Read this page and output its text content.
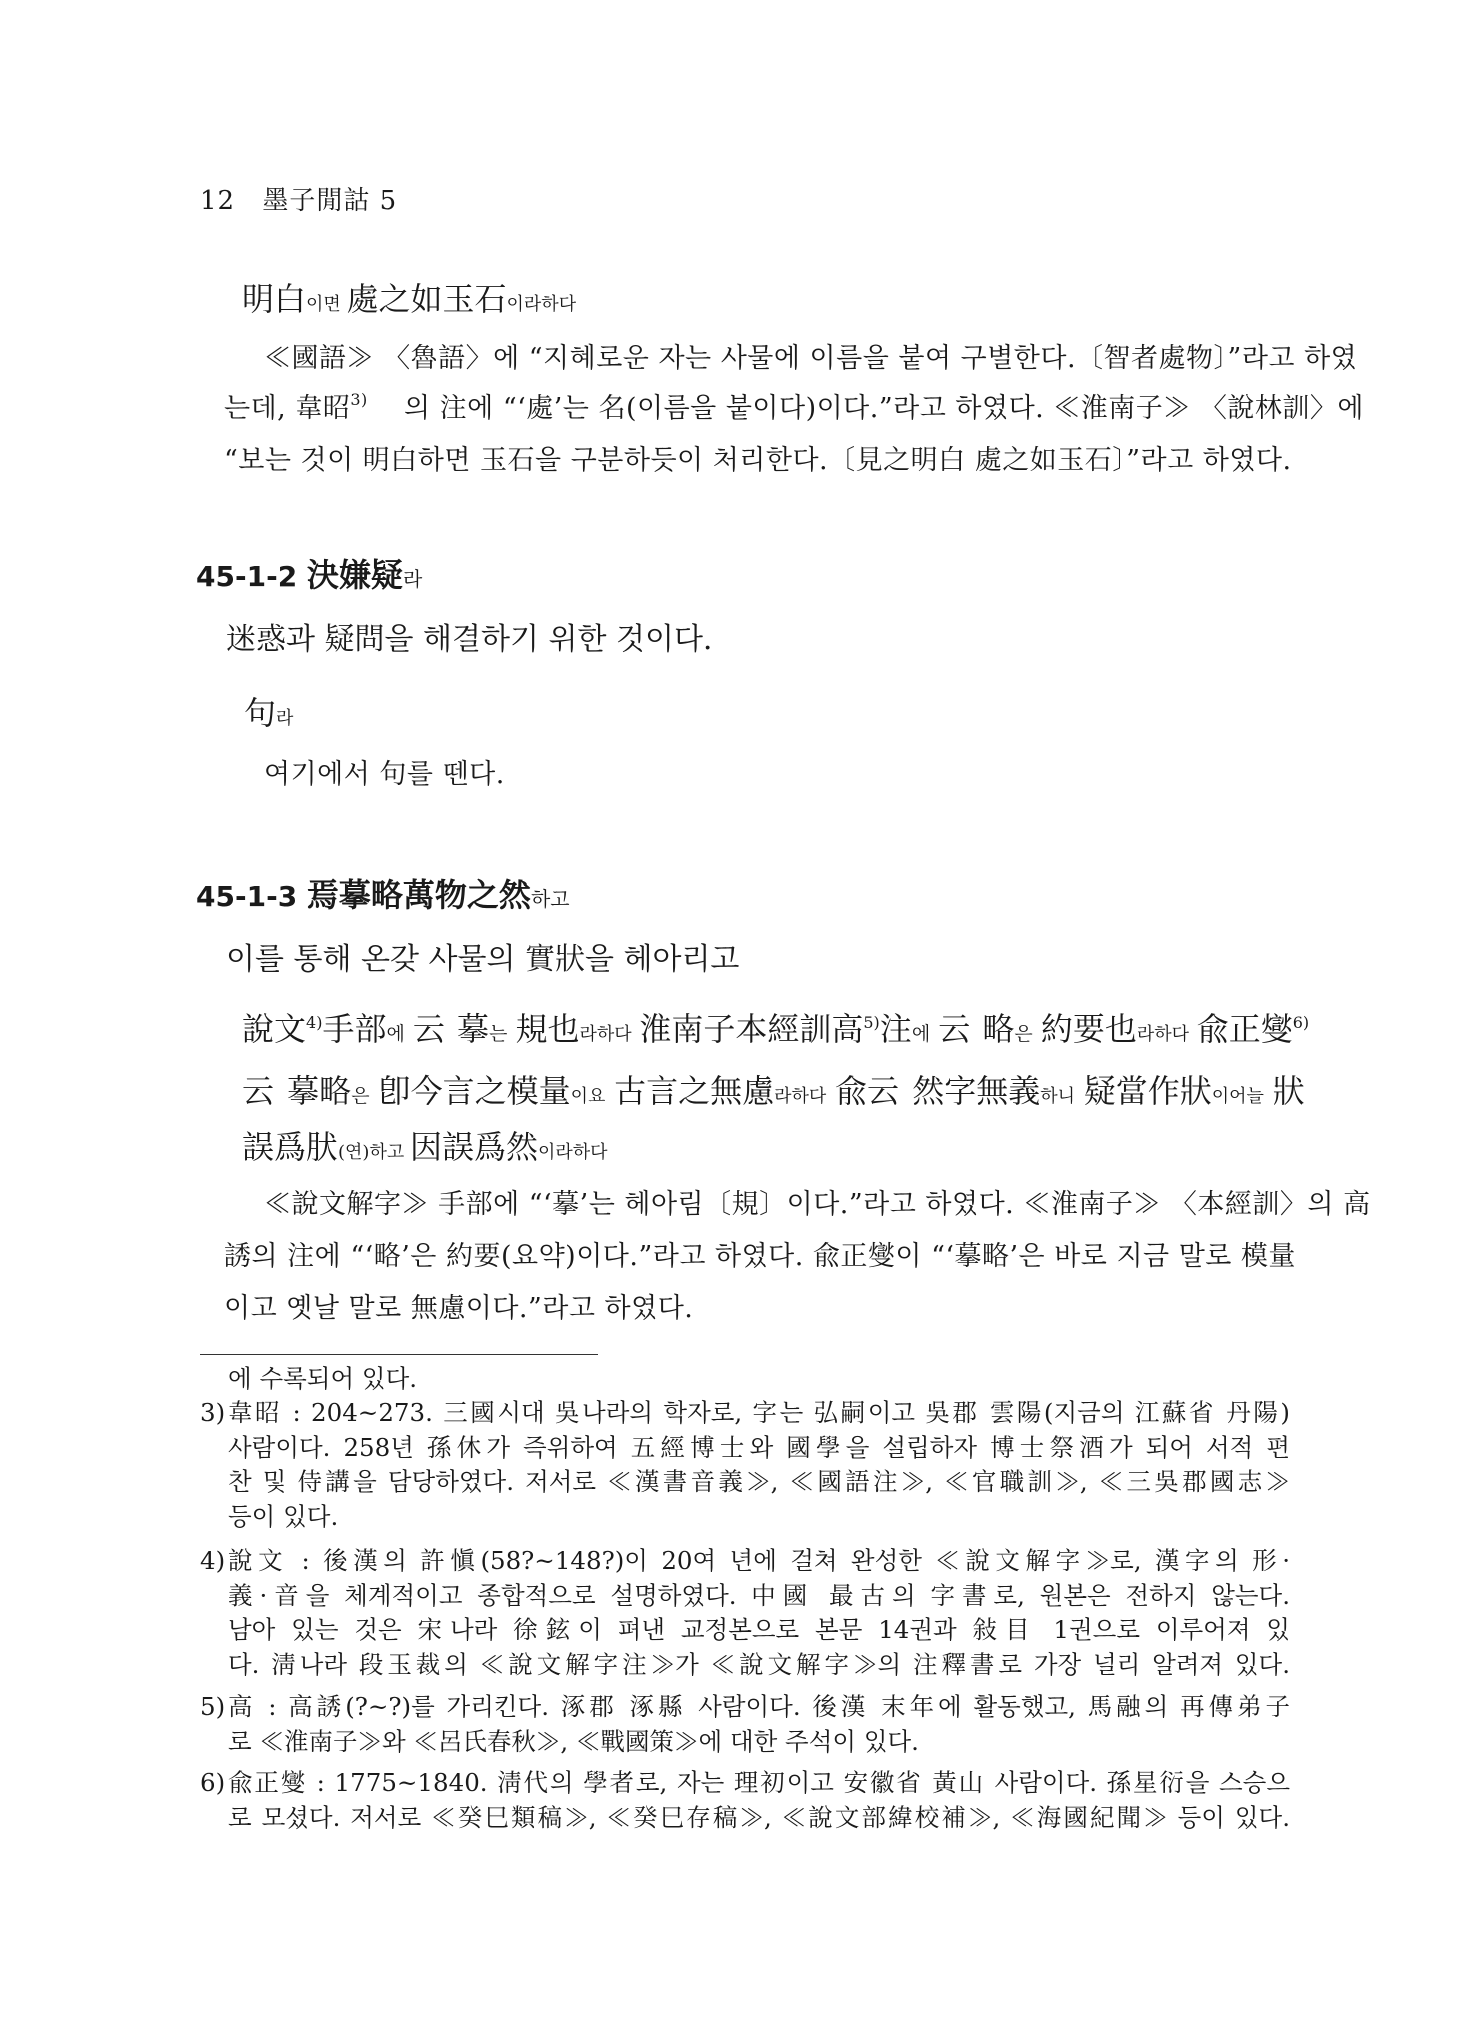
12 墨子閒詁 5
明白이면 處之如玉石이라하다
≪國語≫ 〈魯語〉에 “지혜로운 자는 사물에 이름을 붙여 구별한다.〔智者處物〕”라고 하였
는데, 韋昭$^{3)}$ 의 注에 “‘處’는 名(이름을 붙이다)이다.”라고 하였다. ≪淮南子≫ 〈說林訓〉에
“보는 것이 明白하면 玉石을 구분하듯이 처리한다.〔見之明白 處之如玉石〕”라고 하였다.
45-1-2 決嫌疑라
迷惑과 疑問을 해결하기 위한 것이다.
句라
여기에서 句를 뗀다.
45-1-3 焉摹略萬物之然하고
이를 통해 온갖 사물의 實狀을 헤아리고
說文$^{4)}$手部에 云 摹는 規也라하다 淮南子本經訓高$^{5)}$注에 云 略은 約要也라하다 兪正燮$^{6)}$
云 摹略은 卽今言之模量이요 古言之無慮라하다 兪云 然字無義하니 疑當作狀이어늘 狀
誤爲肰(연)하고 因誤爲然이라하다
≪說文解字≫ 手部에 “‘摹’는 헤아림〔規〕이다.”라고 하였다. ≪淮南子≫ 〈本經訓〉의 高
誘의 注에 “‘略’은 約要(요약)이다.”라고 하였다. 兪正燮이 “‘摹略’은 바로 지금 말로 模量
이고 옛날 말로 無慮이다.”라고 하였다.
에 수록되어 있다.
3) 韋昭 : 204~273. 三國시대 吳나라의 학자로, 字는 弘嗣이고 吳郡 雲陽(지금의 江蘇省 丹陽)
사람이다. 258년 孫休가 즉위하여 五經博士와 國學을 설립하자 博士祭酒가 되어 서적 편
찬 및 侍講을 담당하였다. 저서로 ≪漢書音義≫, ≪國語注≫, ≪官職訓≫, ≪三吳郡國志≫
등이 있다.
4) 說文 : 後漢의 許愼(58?~148?)이 20여 년에 걸쳐 완성한 ≪說文解字≫로, 漢字의 形·
義·音을 체계적이고 종합적으로 설명하였다. 中國 最古의 字書로, 원본은 전하지 않는다.
남아 있는 것은 宋나라 徐鉉이 펴낸 교정본으로 본문 14권과 敍目 1권으로 이루어져 있
다. 淸나라 段玉裁의 ≪說文解字注≫가 ≪說文解字≫의 注釋書로 가장 널리 알려져 있다.
5) 高 : 高誘(?~?)를 가리킨다. 涿郡 涿縣 사람이다. 後漢 末年에 활동했고, 馬融의 再傳弟子
로 ≪淮南子≫와 ≪呂氏春秋≫, ≪戰國策≫에 대한 주석이 있다.
6) 兪正燮 : 1775~1840. 淸代의 學者로, 자는 理初이고 安徽省 黃山 사람이다. 孫星衍을 스승으
로 모셨다. 저서로 ≪癸巳類稿≫, ≪癸巳存稿≫, ≪說文部緯校補≫, ≪海國紀聞≫ 등이 있다.
